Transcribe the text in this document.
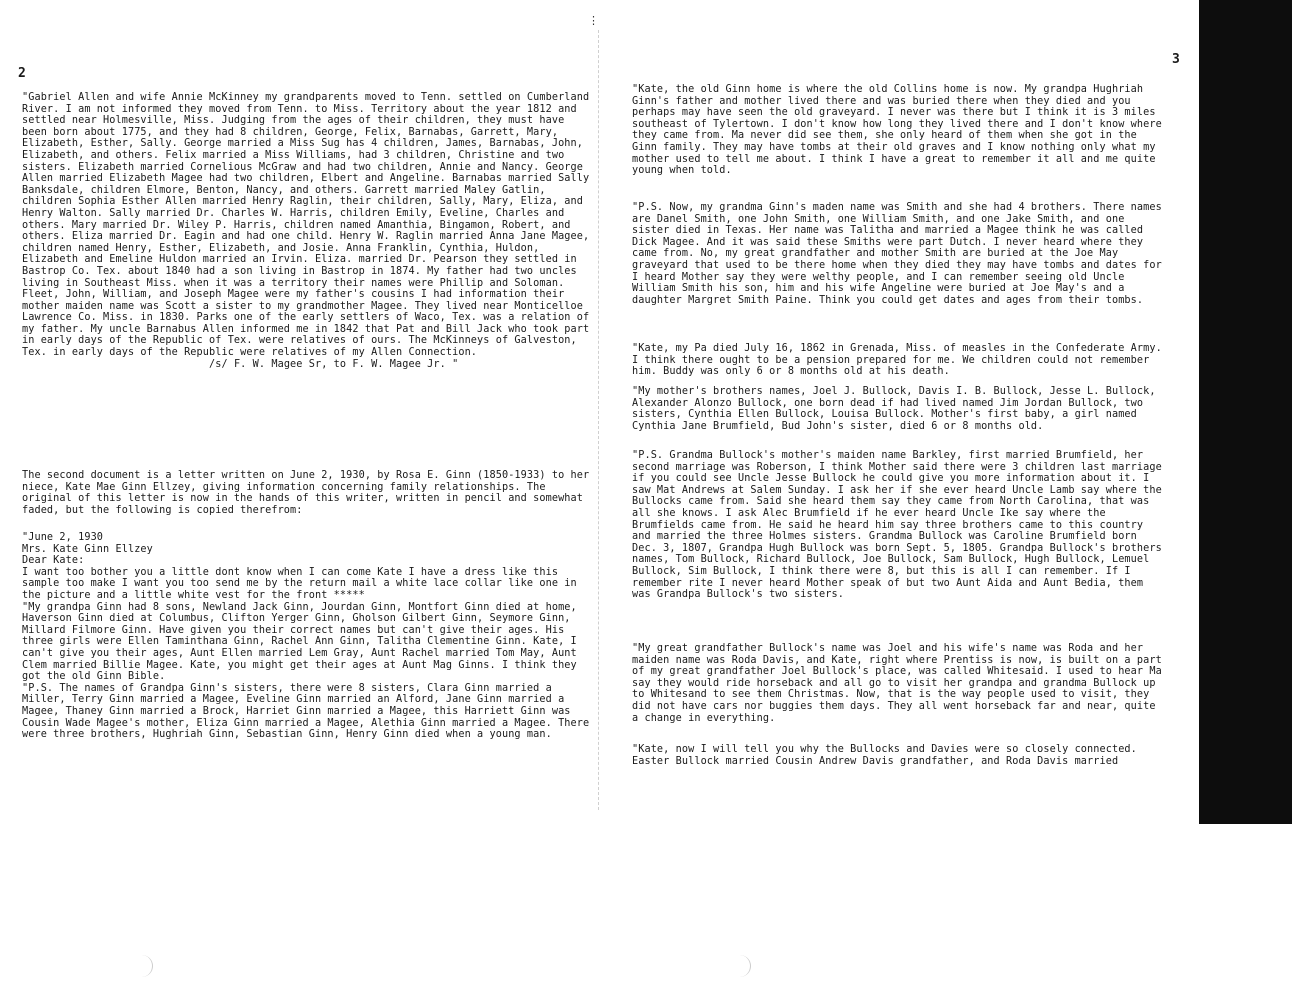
2

"Gabriel Allen and wife Annie McKinney my grandparents moved to Tenn. settled on Cumberland River. I am not informed they moved from Tenn. to Miss. Territory about the year 1812 and settled near Holmesville, Miss. Judging from the ages of their children, they must have been born about 1775, and they had 8 children, George, Felix, Barnabas, Garrett, Mary, Elizabeth, Esther, Sally. George married a Miss Sug has 4 children, James, Barnabas, John, Elizabeth, and others. Felix married a Miss Williams, had 3 children, Christine and two sisters. Elizabeth married Cornelious McGraw and had two children, Annie and Nancy. George Allen married Elizabeth Magee had two children, Elbert and Angeline. Barnabas married Sally Banksdale, children Elmore, Benton, Nancy, and others. Garrett married Maley Gatlin, children Sophia Esther Allen married Henry Raglin, their children, Sally, Mary, Eliza, and Henry Walton. Sally married Dr. Charles W. Harris, children Emily, Eveline, Charles and others. Mary married Dr. Wiley P. Harris, children named Amanthia, Bingamon, Robert, and others. Eliza married Dr. Eagin and had one child. Henry W. Raglin married Anna Jane Magee, children named Henry, Esther, Elizabeth, and Josie. Anna Franklin, Cynthia, Huldon, Elizabeth and Emeline Huldon married an Irvin. Eliza. married Dr. Pearson they settled in Bastrop Co. Tex. about 1840 had a son living in Bastrop in 1874. My father had two uncles living in Southeast Miss. when it was a territory their names were Phillip and Soloman. Fleet, John, William, and Joseph Magee were my father's cousins I had information their mother maiden name was Scott a sister to my grandmother Magee. They lived near Monticelloe Lawrence Co. Miss. in 1830. Parks one of the early settlers of Waco, Tex. was a relation of my father. My uncle Barnabus Allen informed me in 1842 that Pat and Bill Jack who took part in early days of the Republic of Tex. were relatives of ours. The McKinneys of Galveston, Tex. in early days of the Republic were relatives of my Allen Connection.
/s/ F. W. Magee Sr, to F. W. Magee Jr. "

The second document is a letter written on June 2, 1930, by Rosa E. Ginn (1850-1933) to her niece, Kate Mae Ginn Ellzey, giving information concerning family relationships. The original of this letter is now in the hands of this writer, written in pencil and somewhat faded, but the following is copied therefrom:

"June 2, 1930
Mrs. Kate Ginn Ellzey
Dear Kate:
I want too bother you a little dont know when I can come Kate I have a dress like this sample too make I want you too send me by the return mail a white lace collar like one in the picture and a little white vest for the front *****
"My grandpa Ginn had 8 sons, Newland Jack Ginn, Jourdan Ginn, Montfort Ginn died at home, Haverson Ginn died at Columbus, Clifton Yerger Ginn, Gholson Gilbert Ginn, Seymore Ginn, Millard Filmore Ginn. Have given you their correct names but can't give their ages. His three girls were Ellen Taminthana Ginn, Rachel Ann Ginn, Talitha Clementine Ginn. Kate, I can't give you their ages, Aunt Ellen married Lem Gray, Aunt Rachel married Tom May, Aunt Clem married Billie Magee. Kate, you might get their ages at Aunt Mag Ginns. I think they got the old Ginn Bible.
"P.S. The names of Grandpa Ginn's sisters, there were 8 sisters, Clara Ginn married a Miller, Terry Ginn married a Magee, Eveline Ginn married an Alford, Jane Ginn married a Magee, Thaney Ginn married a Brock, Harriet Ginn married a Magee, this Harriett Ginn was Cousin Wade Magee's mother, Eliza Ginn married a Magee, Alethia Ginn married a Magee. There were three brothers, Hughriah Ginn, Sebastian Ginn, Henry Ginn died when a young man.

⋮
3

"Kate, the old Ginn home is where the old Collins home is now. My grandpa Hughriah Ginn's father and mother lived there and was buried there when they died and you perhaps may have seen the old graveyard. I never was there but I think it is 3 miles southeast of Tylertown. I don't know how long they lived there and I don't know where they came from. Ma never did see them, she only heard of them when she got in the Ginn family. They may have tombs at their old graves and I know nothing only what my mother used to tell me about. I think I have a great to remember it all and me quite young when told.

"P.S. Now, my grandma Ginn's maden name was Smith and she had 4 brothers. There names are Danel Smith, one John Smith, one William Smith, and one Jake Smith, and one sister died in Texas. Her name was Talitha and married a Magee think he was called Dick Magee. And it was said these Smiths were part Dutch. I never heard where they came from. No, my great grandfather and mother Smith are buried at the Joe May graveyard that used to be there home when they died they may have tombs and dates for I heard Mother say they were welthy people, and I can remember seeing old Uncle William Smith his son, him and his wife Angeline were buried at Joe May's and a daughter Margret Smith Paine. Think you could get dates and ages from their tombs.

"Kate, my Pa died July 16, 1862 in Grenada, Miss. of measles in the Confederate Army. I think there ought to be a pension prepared for me. We children could not remember him. Buddy was only 6 or 8 months old at his death.

"My mother's brothers names, Joel J. Bullock, Davis I. B. Bullock, Jesse L. Bullock, Alexander Alonzo Bullock, one born dead if had lived named Jim Jordan Bullock, two sisters, Cynthia Ellen Bullock, Louisa Bullock. Mother's first baby, a girl named Cynthia Jane Brumfield, Bud John's sister, died 6 or 8 months old.

"P.S. Grandma Bullock's mother's maiden name Barkley, first married Brumfield, her second marriage was Roberson, I think Mother said there were 3 children last marriage if you could see Uncle Jesse Bullock he could give you more information about it. I saw Mat Andrews at Salem Sunday. I ask her if she ever heard Uncle Lamb say where the Bullocks came from. Said she heard them say they came from North Carolina, that was all she knows. I ask Alec Brumfield if he ever heard Uncle Ike say where the Brumfields came from. He said he heard him say three brothers came to this country and married the three Holmes sisters. Grandma Bullock was Caroline Brumfield born Dec. 3, 1807, Grandpa Hugh Bullock was born Sept. 5, 1805. Grandpa Bullock's brothers names, Tom Bullock, Richard Bullock, Joe Bullock, Sam Bullock, Hugh Bullock, Lemuel Bullock, Sim Bullock, I think there were 8, but this is all I can remember. If I remember rite I never heard Mother speak of but two Aunt Aida and Aunt Bedia, them was Grandpa Bullock's two sisters.

"My great grandfather Bullock's name was Joel and his wife's name was Roda and her maiden name was Roda Davis, and Kate, right where Prentiss is now, is built on a part of my great grandfather Joel Bullock's place, was called Whitesaid. I used to hear Ma say they would ride horseback and all go to visit her grandpa and grandma Bullock up to Whitesand to see them Christmas. Now, that is the way people used to visit, they did not have cars nor buggies them days. They all went horseback far and near, quite a change in everything.

"Kate, now I will tell you why the Bullocks and Davies were so closely connected. Easter Bullock married Cousin Andrew Davis grandfather, and Roda Davis married
